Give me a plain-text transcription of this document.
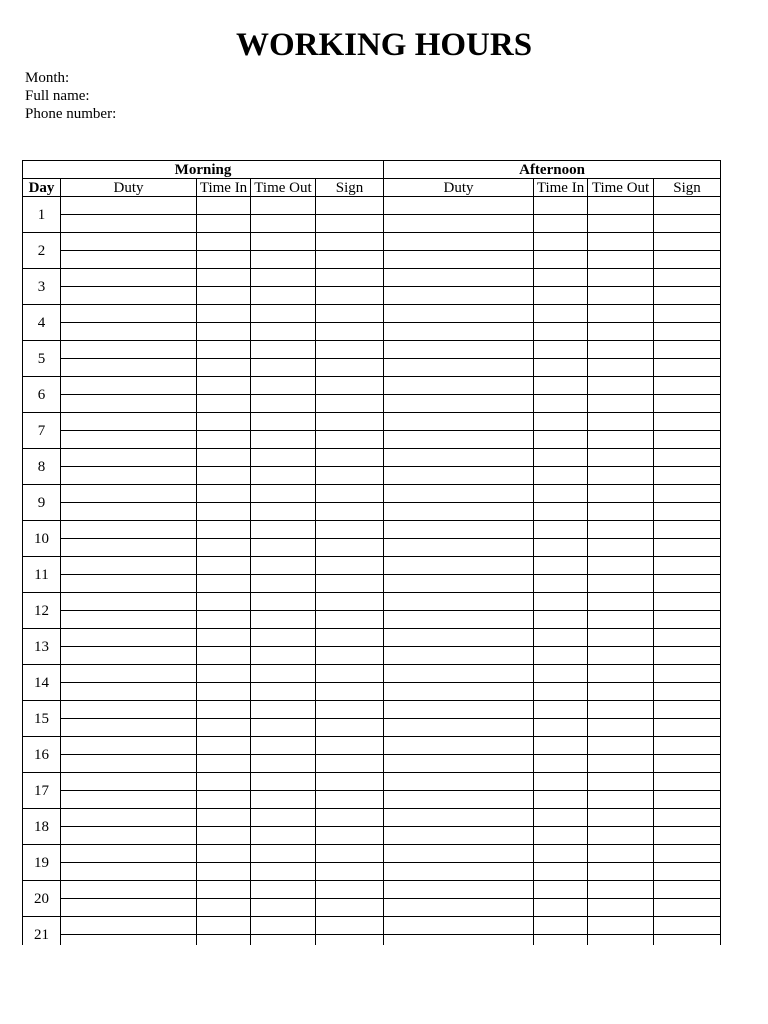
WORKING HOURS
Month:
Full name:
Phone number:
Morning					Afternoon			
Day	Duty	Time In	Time Out	Sign	Duty	Time In	Time Out	Sign
1								

2								

3								

4								

5								

6								

7								

8								

9								

10								

11								

12								

13								

14								

15								

16								

17								

18								

19								

20								

21								
